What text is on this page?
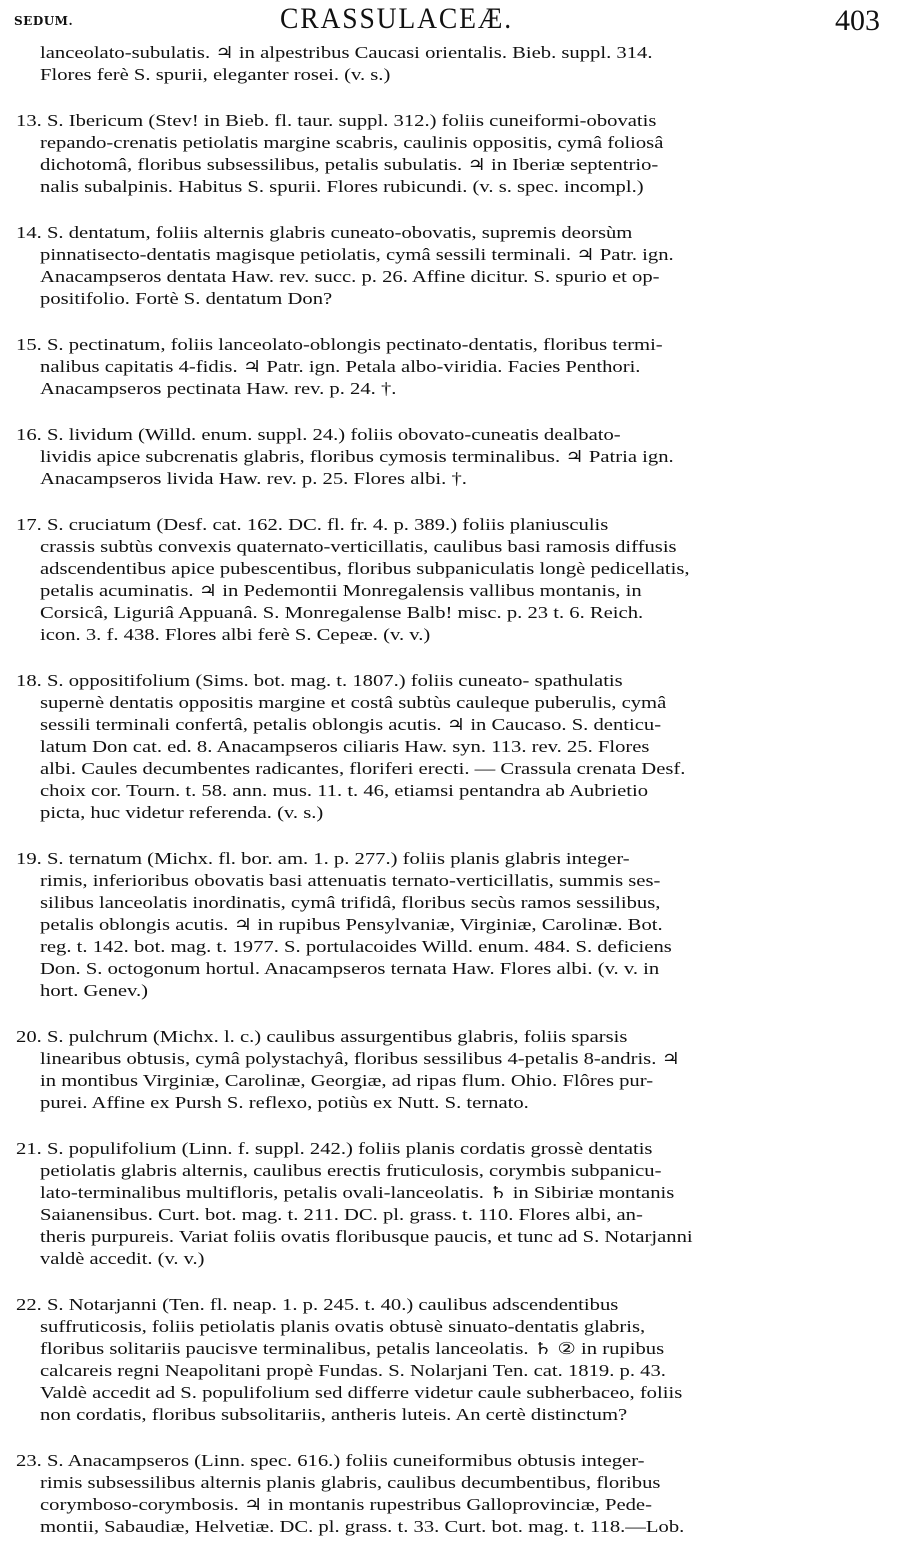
SEDUM.	CRASSULACEÆ.	403
lanceolato-subulatis. ♃ in alpestribus Caucasi orientalis. Bieb. suppl. 314.
Flores ferè S. spurii, eleganter rosei. (v. s.)
13. S. Ibericum (Stev! in Bieb. fl. taur. suppl. 312.) foliis cuneiformi-obovatis
repando-crenatis petiolatis margine scabris, caulinis oppositis, cymâ foliosâ
dichotomâ, floribus subsessilibus, petalis subulatis. ♃ in Iberiæ septentrio-
nalis subalpinis. Habitus S. spurii. Flores rubicundi. (v. s. spec. incompl.)
14. S. dentatum, foliis alternis glabris cuneato-obovatis, supremis deorsùm
pinnatisecto-dentatis magisque petiolatis, cymâ sessili terminali. ♃ Patr. ign.
Anacampseros dentata Haw. rev. succ. p. 26. Affine dicitur. S. spurio et op-
positifolio. Fortè S. dentatum Don?
15. S. pectinatum, foliis lanceolato-oblongis pectinato-dentatis, floribus termi-
nalibus capitatis 4-fidis. ♃ Patr. ign. Petala albo-viridia. Facies Penthori.
Anacampseros pectinata Haw. rev. p. 24. †.
16. S. lividum (Willd. enum. suppl. 24.) foliis obovato-cuneatis dealbato-
lividis apice subcrenatis glabris, floribus cymosis terminalibus. ♃ Patria ign.
Anacampseros livida Haw. rev. p. 25. Flores albi. †.
17. S. cruciatum (Desf. cat. 162. DC. fl. fr. 4. p. 389.) foliis planiusculis
crassis subtùs convexis quaternato-verticillatis, caulibus basi ramosis diffusis
adscendentibus apice pubescentibus, floribus subpaniculatis longè pedicellatis,
petalis acuminatis. ♃ in Pedemontii Monregalensis vallibus montanis, in
Corsicâ, Liguriâ Appuanâ. S. Monregalense Balb! misc. p. 23 t. 6. Reich.
icon. 3. f. 438. Flores albi ferè S. Cepeæ. (v. v.)
18. S. oppositifolium (Sims. bot. mag. t. 1807.) foliis cuneato- spathulatis
supernè dentatis oppositis margine et costâ subtùs cauleque puberulis, cymâ
sessili terminali confertâ, petalis oblongis acutis. ♃ in Caucaso. S. denticu-
latum Don cat. ed. 8. Anacampseros ciliaris Haw. syn. 113. rev. 25. Flores
albi. Caules decumbentes radicantes, floriferi erecti. — Crassula crenata Desf.
choix cor. Tourn. t. 58. ann. mus. 11. t. 46, etiamsi pentandra ab Aubrietio
picta, huc videtur referenda. (v. s.)
19. S. ternatum (Michx. fl. bor. am. 1. p. 277.) foliis planis glabris integer-
rimis, inferioribus obovatis basi attenuatis ternato-verticillatis, summis ses-
silibus lanceolatis inordinatis, cymâ trifidâ, floribus secùs ramos sessilibus,
petalis oblongis acutis. ♃ in rupibus Pensylvaniæ, Virginiæ, Carolinæ. Bot.
reg. t. 142. bot. mag. t. 1977. S. portulacoides Willd. enum. 484. S. deficiens
Don. S. octogonum hortul. Anacampseros ternata Haw. Flores albi. (v. v. in
hort. Genev.)
20. S. pulchrum (Michx. l. c.) caulibus assurgentibus glabris, foliis sparsis
linearibus obtusis, cymâ polystachyâ, floribus sessilibus 4-petalis 8-andris. ♃
in montibus Virginiæ, Carolinæ, Georgiæ, ad ripas flum. Ohio. Flôres pur-
purei. Affine ex Pursh S. reflexo, potiùs ex Nutt. S. ternato.
21. S. populifolium (Linn. f. suppl. 242.) foliis planis cordatis grossè dentatis
petiolatis glabris alternis, caulibus erectis fruticulosis, corymbis subpanicu-
lato-terminalibus multifloris, petalis ovali-lanceolatis. ♄ in Sibiriæ montanis
Saianensibus. Curt. bot. mag. t. 211. DC. pl. grass. t. 110. Flores albi, an-
theris purpureis. Variat foliis ovatis floribusque paucis, et tunc ad S. Notarjanni
valdè accedit. (v. v.)
22. S. Notarjanni (Ten. fl. neap. 1. p. 245. t. 40.) caulibus adscendentibus
suffruticosis, foliis petiolatis planis ovatis obtusè sinuato-dentatis glabris,
floribus solitariis paucisve terminalibus, petalis lanceolatis. ♄ ② in rupibus
calcareis regni Neapolitani propè Fundas. S. Nolarjani Ten. cat. 1819. p. 43.
Valdè accedit ad S. populifolium sed differre videtur caule subherbaceo, foliis
non cordatis, floribus subsolitariis, antheris luteis. An certè distinctum?
23. S. Anacampseros (Linn. spec. 616.) foliis cuneiformibus obtusis integer-
rimis subsessilibus alternis planis glabris, caulibus decumbentibus, floribus
corymboso-corymbosis. ♃ in montanis rupestribus Galloprovinciæ, Pede-
montii, Sabaudiæ, Helvetiæ. DC. pl. grass. t. 33. Curt. bot. mag. t. 118.—Lob.
